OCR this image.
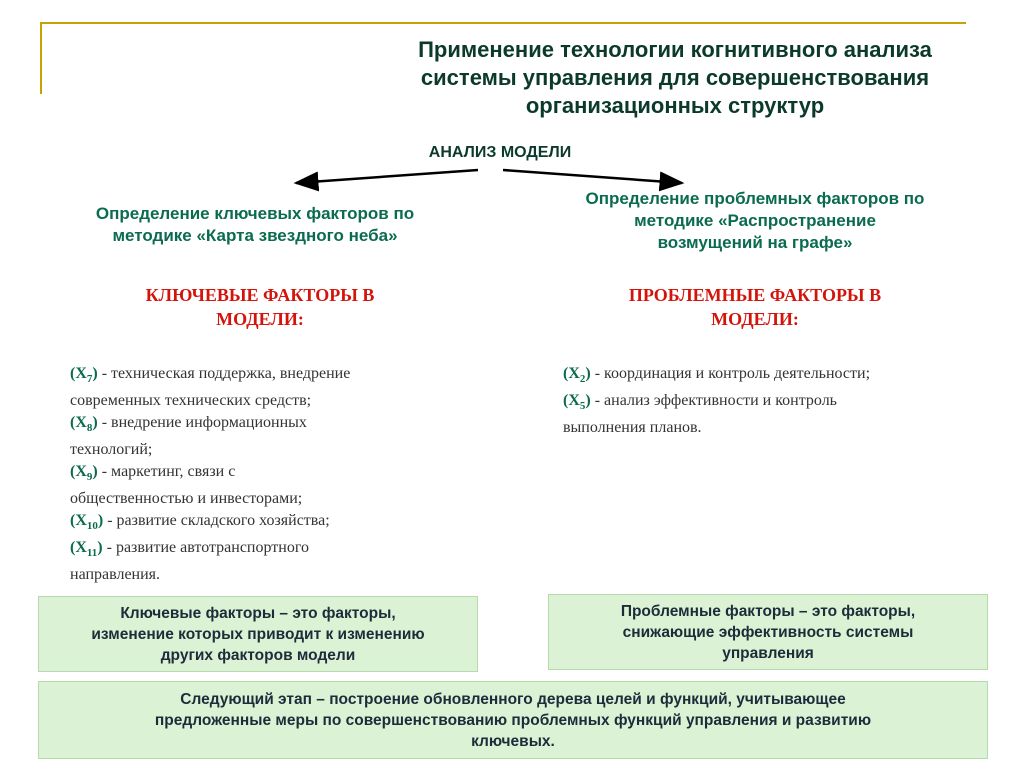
Применение технологии когнитивного анализа
системы управления для совершенствования
организационных структур
АНАЛИЗ МОДЕЛИ
Определение ключевых факторов по
методике «Карта звездного неба»
Определение проблемных факторов по
методике «Распространение
возмущений на графе»
КЛЮЧЕВЫЕ ФАКТОРЫ В
МОДЕЛИ:
ПРОБЛЕМНЫЕ ФАКТОРЫ В
МОДЕЛИ:
$(X_7)$ - техническая поддержка, внедрение
современных технических средств;
$(X_8)$ - внедрение информационных
технологий;
$(X_9)$ - маркетинг, связи с
общественностью и инвесторами;
$(X_{10})$ - развитие складского хозяйства;
$(X_{11})$ - развитие автотранспортного
направления.
$(X_2)$ - координация и контроль деятельности;
$(X_5)$ - анализ эффективности и контроль
выполнения планов.
Ключевые факторы – это факторы,
изменение которых приводит к изменению
других факторов модели
Проблемные факторы – это факторы,
снижающие эффективность системы
управления
Следующий этап – построение обновленного дерева целей и функций, учитывающее
предложенные меры по совершенствованию проблемных функций управления и развитию
ключевых.
